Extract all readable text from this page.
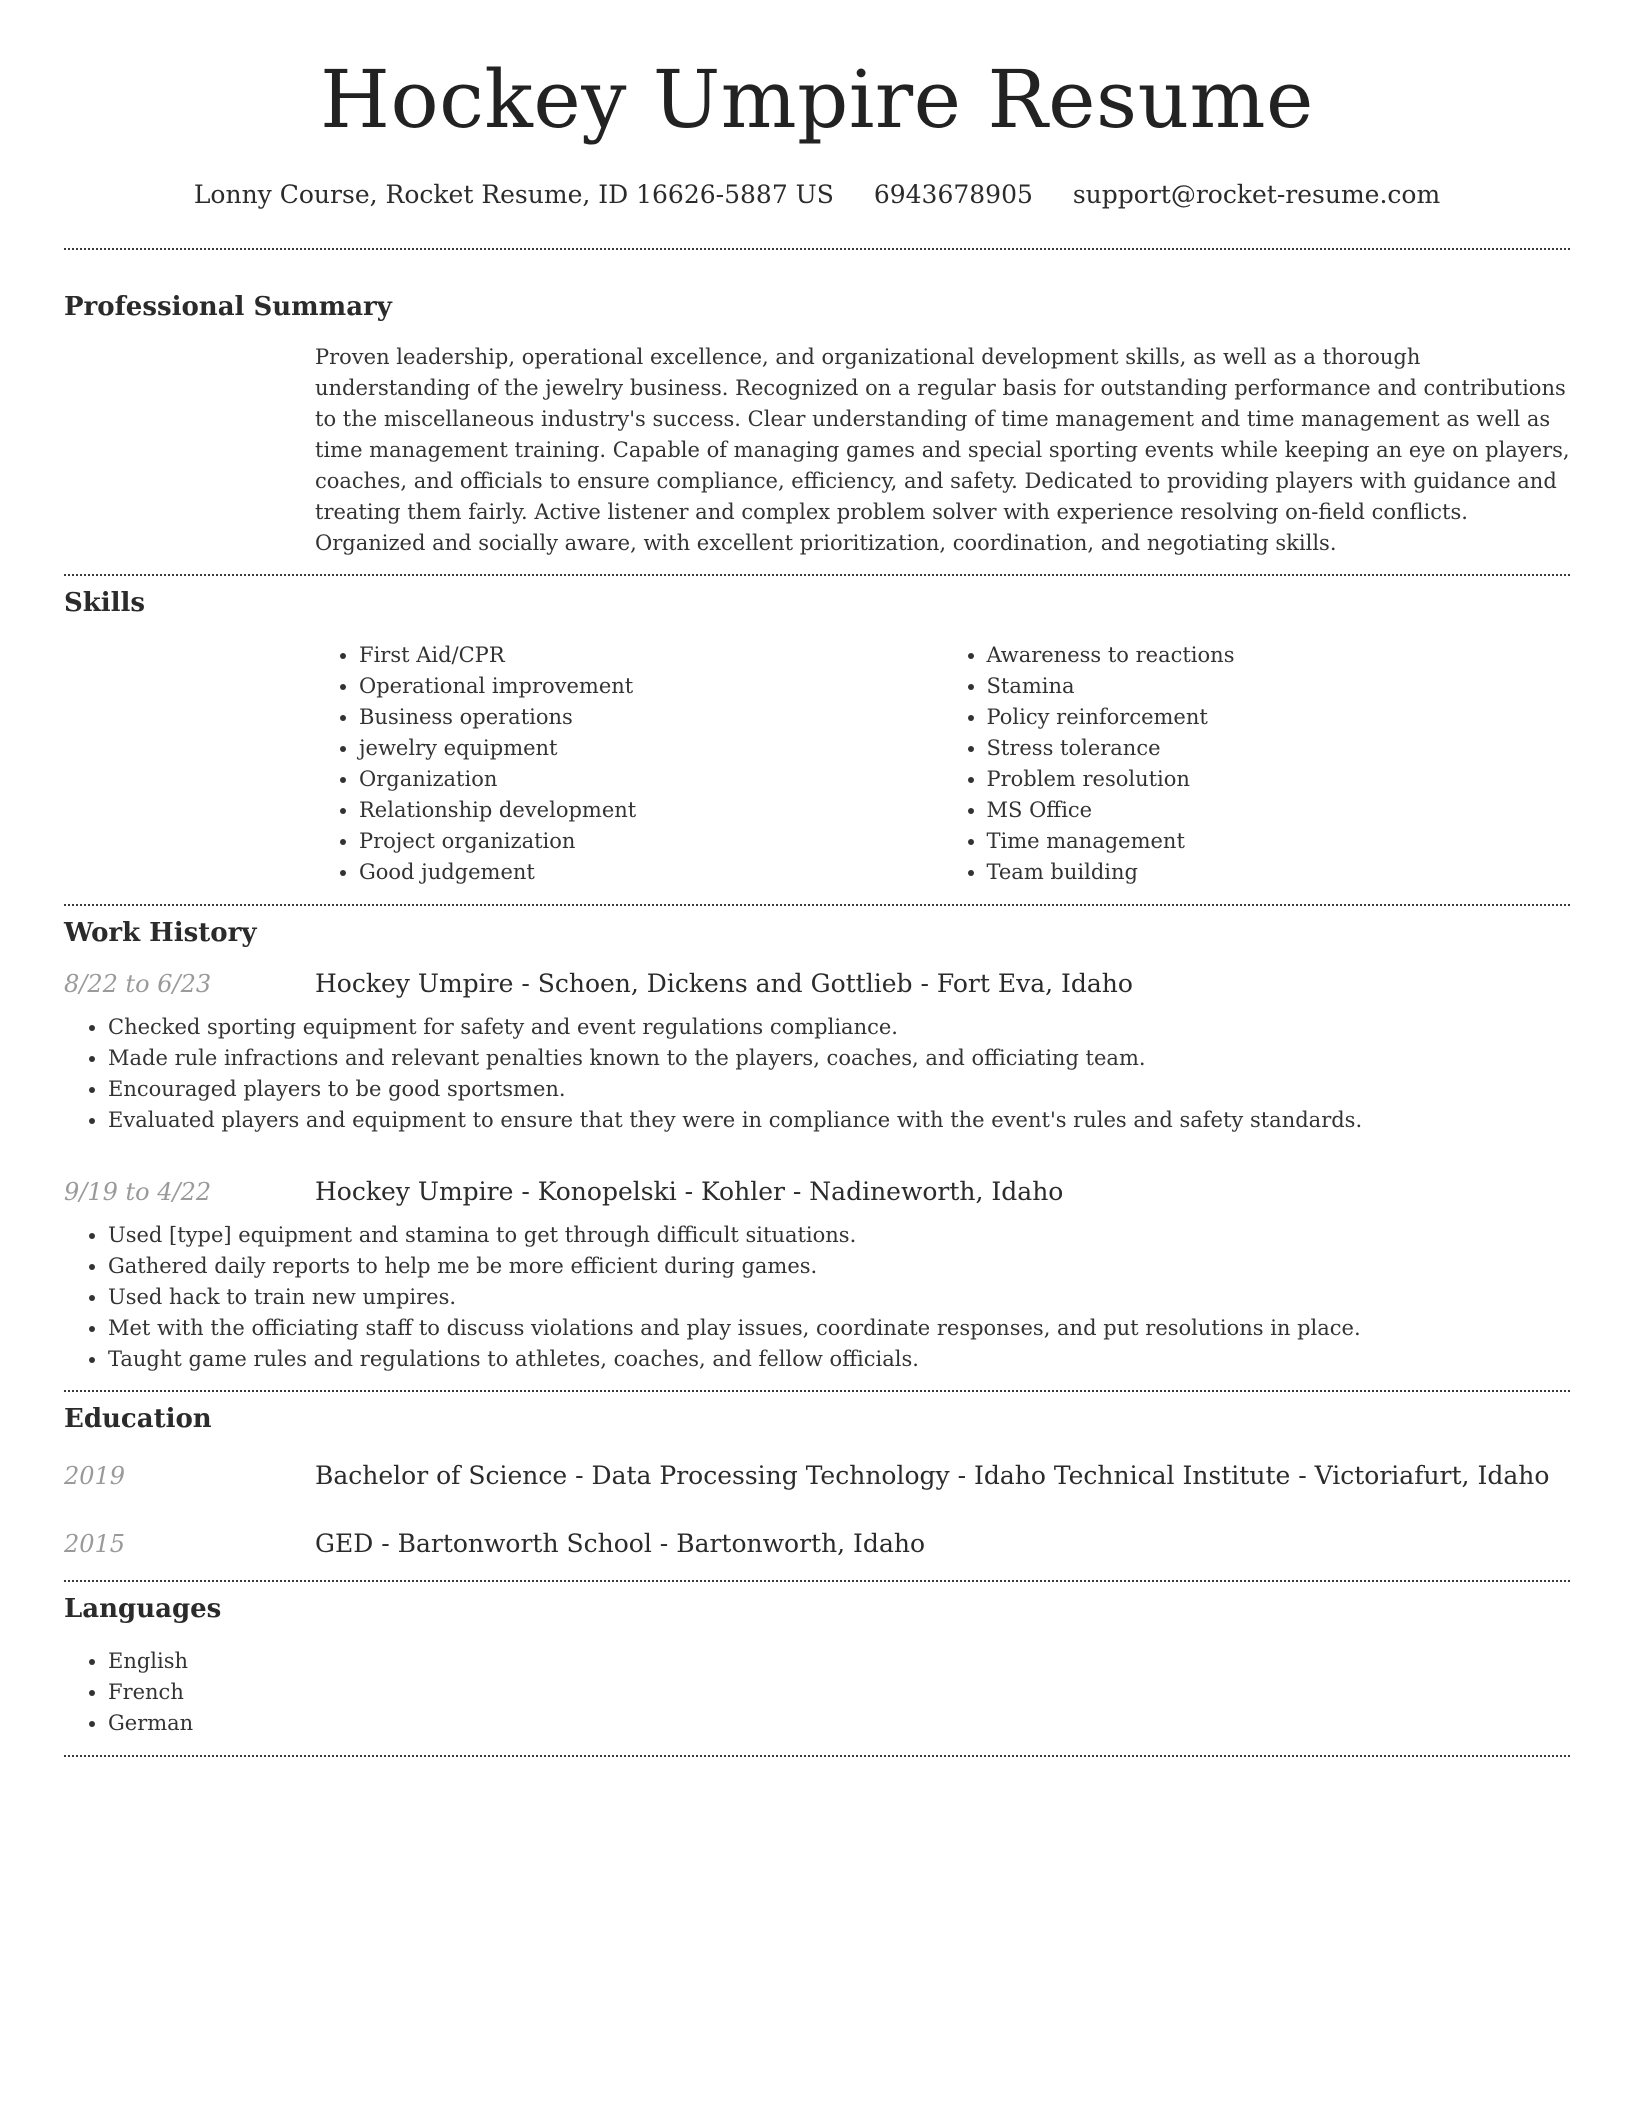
Hockey Umpire Resume
Lonny Course, Rocket Resume, ID 16626-5887 US 6943678905 support@rocket-resume.com
Professional Summary

Proven leadership, operational excellence, and organizational development skills, as well as a thorough understanding of the jewelry business. Recognized on a regular basis for outstanding performance and contributions to the miscellaneous industry's success. Clear understanding of time management and time management as well as time management training. Capable of managing games and special sporting events while keeping an eye on players, coaches, and officials to ensure compliance, efficiency, and safety. Dedicated to providing players with guidance and treating them fairly. Active listener and complex problem solver with experience resolving on-field conflicts. Organized and socially aware, with excellent prioritization, coordination, and negotiating skills.

Skills
• First Aid/CPR
• Operational improvement
• Business operations
• jewelry equipment
• Organization
• Relationship development
• Project organization
• Good judgement
• Awareness to reactions
• Stamina
• Policy reinforcement
• Stress tolerance
• Problem resolution
• MS Office
• Time management
• Team building
Work History
8/22 to 6/23	Hockey Umpire - Schoen, Dickens and Gottlieb - Fort Eva, Idaho
• Checked sporting equipment for safety and event regulations compliance.
• Made rule infractions and relevant penalties known to the players, coaches, and officiating team.
• Encouraged players to be good sportsmen.
• Evaluated players and equipment to ensure that they were in compliance with the event's rules and safety standards.
9/19 to 4/22	Hockey Umpire - Konopelski - Kohler - Nadineworth, Idaho
• Used [type] equipment and stamina to get through difficult situations.
• Gathered daily reports to help me be more efficient during games.
• Used hack to train new umpires.
• Met with the officiating staff to discuss violations and play issues, coordinate responses, and put resolutions in place.
• Taught game rules and regulations to athletes, coaches, and fellow officials.
Education
2019	Bachelor of Science - Data Processing Technology - Idaho Technical Institute - Victoriafurt, Idaho
2015	GED - Bartonworth School - Bartonworth, Idaho
Languages
• English
• French
• German
